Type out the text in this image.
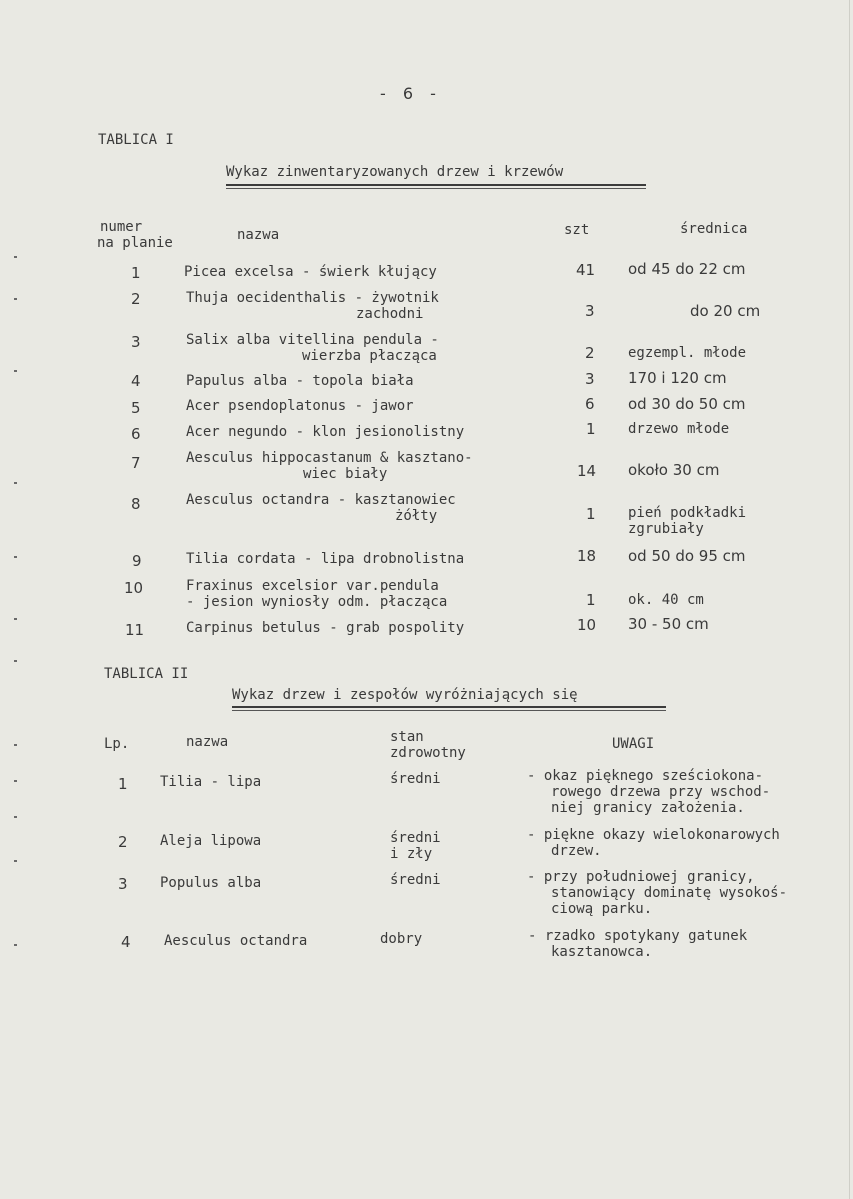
- 6 -
TABLICA I
Wykaz zinwentaryzowanych drzew i krzewów
numer
na planie	nazwa	szt	średnica
1	Picea excelsa - świerk kłujący	41 od 45 do 22 cm
2	Thuja oecidenthalis - żywotnik
zachodni	3	do 20 cm
3	Salix alba vitellina pendula -
wierzba płacząca	2 egzempl. młode
4	Papulus alba - topola biała	3 170 i 120 cm
5	Acer psendoplatonus - jawor	6 od 30 do 50 cm
6	Acer negundo - klon jesionolistny	1 drzewo młode
7	Aesculus hippocastanum & kasztano-
wiec biały	14 około 30 cm
8	Aesculus octandra - kasztanowiec
żółty	1 pień podkładki
zgrubiały
9	Tilia cordata - lipa drobnolistna	18 od 50 do 95 cm
10	Fraxinus excelsior var.pendula
- jesion wyniosły odm. płacząca	1 ok. 40 cm
11	Carpinus betulus - grab pospolity	10 30 - 50 cm
TABLICA II
Wykaz drzew i zespołów wyróżniających się
Lp.	nazwa	stan
zdrowotny
UWAGI
1 Tilia - lipa	średni	- okaz pięknego sześciokona-
rowego drzewa przy wschod-
niej granicy założenia.
2 Aleja lipowa	średni
i zły
- piękne okazy wielokonarowych
drzew.
3 Populus alba	średni	- przy południowej granicy,
stanowiący dominatę wysokoś-
ciową parku.
4 Aesculus octandra	dobry	- rzadko spotykany gatunek
kasztanowca.
